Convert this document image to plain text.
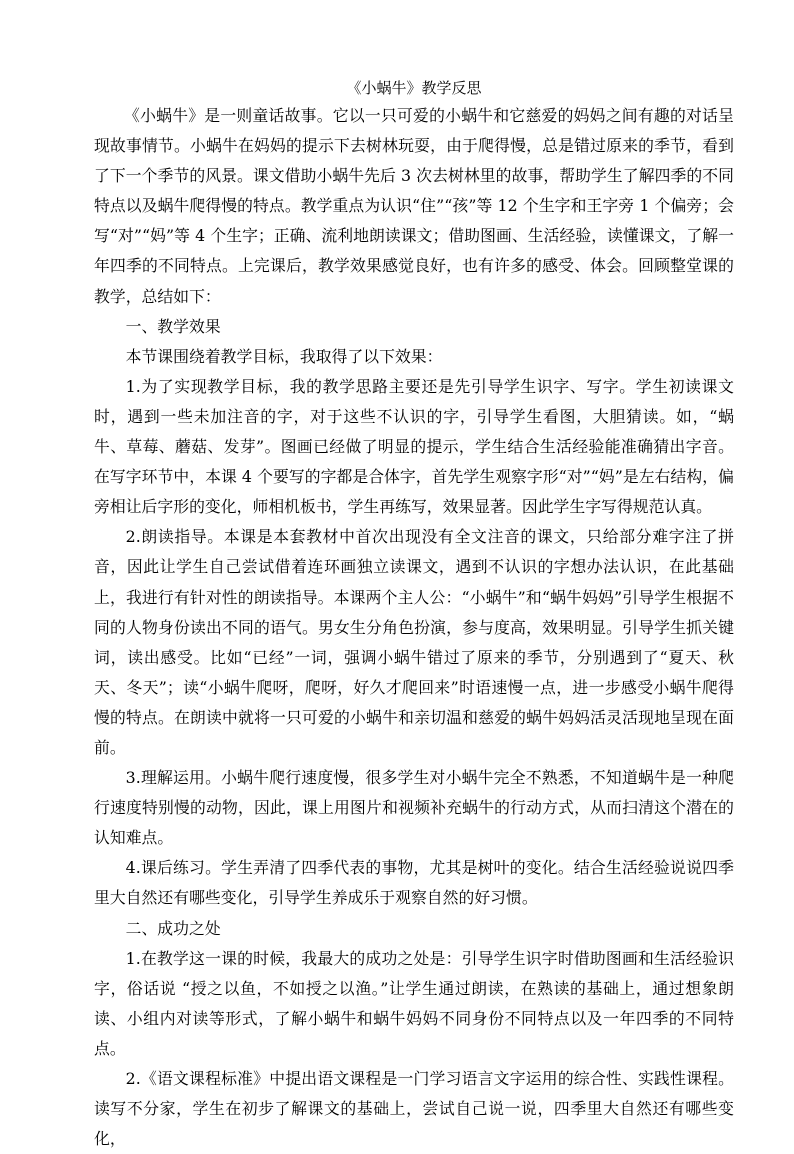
《小蜗牛》教学反思

《小蜗牛》是一则童话故事。它以一只可爱的小蜗牛和它慈爱的妈妈之间有趣的对话呈现故事情节。小蜗牛在妈妈的提示下去树林玩耍，由于爬得慢，总是错过原来的季节，看到了下一个季节的风景。课文借助小蜗牛先后 3 次去树林里的故事，帮助学生了解四季的不同特点以及蜗牛爬得慢的特点。教学重点为认识“住”“孩”等 12 个生字和王字旁 1 个偏旁；会写“对”“妈”等 4 个生字；正确、流利地朗读课文；借助图画、生活经验，读懂课文，了解一年四季的不同特点。上完课后，教学效果感觉良好，也有许多的感受、体会。回顾整堂课的教学，总结如下：

一、教学效果

本节课围绕着教学目标，我取得了以下效果：

1.为了实现教学目标，我的教学思路主要还是先引导学生识字、写字。学生初读课文时，遇到一些未加注音的字，对于这些不认识的字，引导学生看图，大胆猜读。如，“蜗牛、草莓、蘑菇、发芽”。图画已经做了明显的提示，学生结合生活经验能准确猜出字音。在写字环节中，本课 4 个要写的字都是合体字，首先学生观察字形“对”“妈”是左右结构，偏旁相让后字形的变化，师相机板书，学生再练写，效果显著。因此学生字写得规范认真。

2.朗读指导。本课是本套教材中首次出现没有全文注音的课文，只给部分难字注了拼音，因此让学生自己尝试借着连环画独立读课文，遇到不认识的字想办法认识，在此基础上，我进行有针对性的朗读指导。本课两个主人公：“小蜗牛”和“蜗牛妈妈”引导学生根据不同的人物身份读出不同的语气。男女生分角色扮演，参与度高，效果明显。引导学生抓关键词，读出感受。比如“已经”一词，强调小蜗牛错过了原来的季节，分别遇到了“夏天、秋天、冬天”；读“小蜗牛爬呀，爬呀，好久才爬回来”时语速慢一点，进一步感受小蜗牛爬得慢的特点。在朗读中就将一只可爱的小蜗牛和亲切温和慈爱的蜗牛妈妈活灵活现地呈现在面前。

3.理解运用。小蜗牛爬行速度慢，很多学生对小蜗牛完全不熟悉，不知道蜗牛是一种爬行速度特别慢的动物，因此，课上用图片和视频补充蜗牛的行动方式，从而扫清这个潜在的认知难点。

4.课后练习。学生弄清了四季代表的事物，尤其是树叶的变化。结合生活经验说说四季里大自然还有哪些变化，引导学生养成乐于观察自然的好习惯。

二、成功之处

1.在教学这一课的时候，我最大的成功之处是：引导学生识字时借助图画和生活经验识字，俗话说 “授之以鱼，不如授之以渔。”让学生通过朗读，在熟读的基础上，通过想象朗读、小组内对读等形式，了解小蜗牛和蜗牛妈妈不同身份不同特点以及一年四季的不同特点。

2.《语文课程标准》中提出语文课程是一门学习语言文字运用的综合性、实践性课程。读写不分家，学生在初步了解课文的基础上，尝试自己说一说，四季里大自然还有哪些变化，
